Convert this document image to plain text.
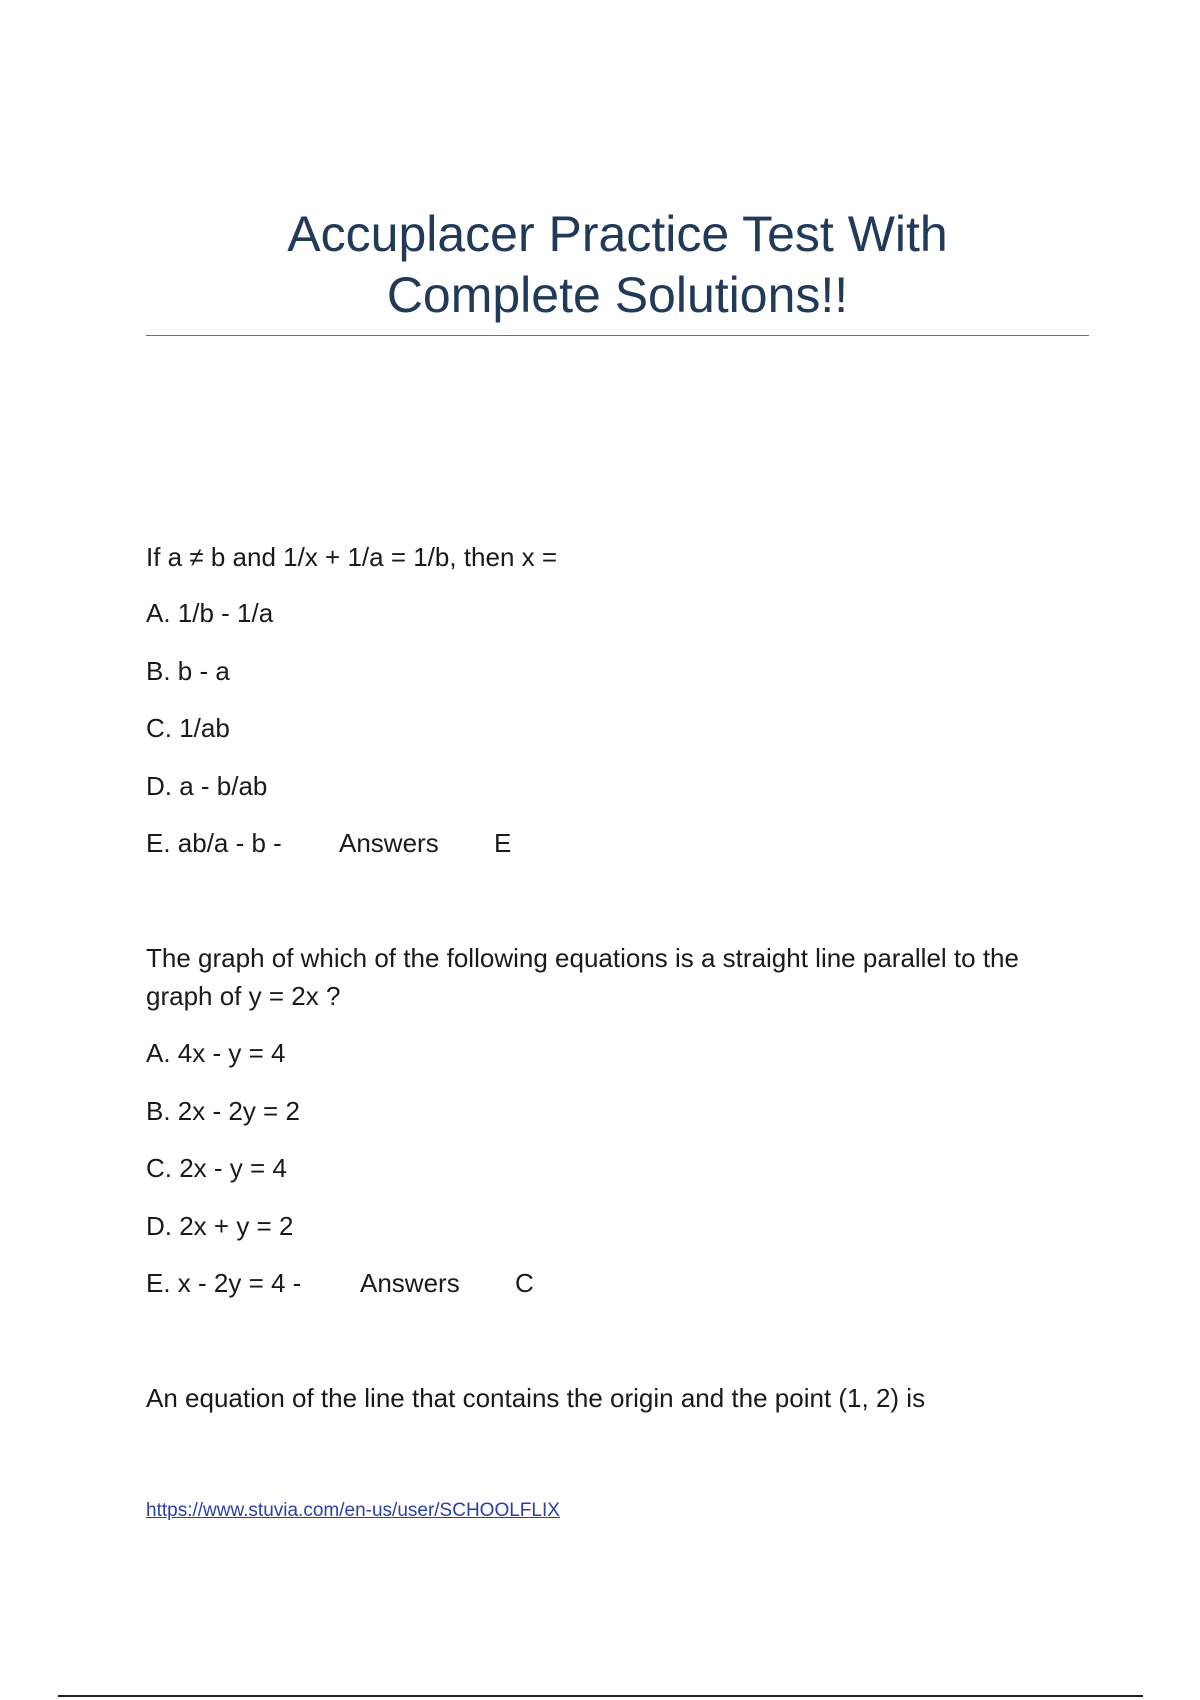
Accuplacer Practice Test With
Complete Solutions!!

If a ≠ b and 1/x + 1/a = 1/b, then x =

A. 1/b - 1/a

B. b - a

C. 1/ab

D. a - b/ab

E. ab/a - b - Answers E

The graph of which of the following equations is a straight line parallel to the graph of y = 2x ?

A. 4x - y = 4

B. 2x - 2y = 2

C. 2x - y = 4

D. 2x + y = 2

E. x - 2y = 4 - Answers C

An equation of the line that contains the origin and the point (1, 2) is

https://www.stuvia.com/en-us/user/SCHOOLFLIX
